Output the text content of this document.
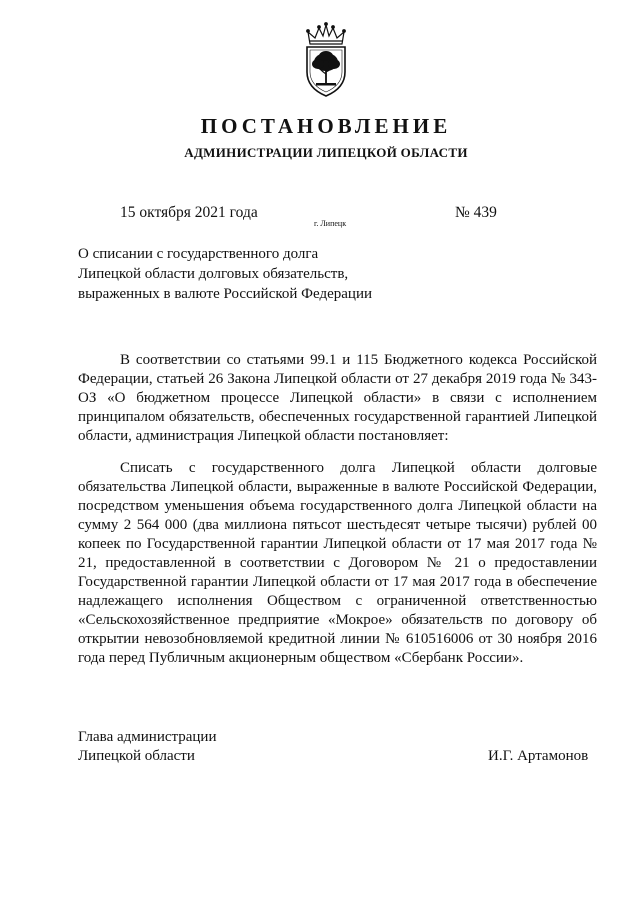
ПОСТАНОВЛЕНИЕ
АДМИНИСТРАЦИИ ЛИПЕЦКОЙ ОБЛАСТИ
15 октября 2021 года
г. Липецк
№ 439
О списании с государственного долга
Липецкой области долговых обязательств,
выраженных в валюте Российской Федерации

В соответствии со статьями 99.1 и 115 Бюджетного кодекса Российской Федерации, статьей 26 Закона Липецкой области от 27 декабря 2019 года № 343-ОЗ «О бюджетном процессе Липецкой области» в связи с исполнением принципалом обязательств, обеспеченных государственной гарантией Липецкой области, администрация Липецкой области постановляет:

Списать с государственного долга Липецкой области долговые обязательства Липецкой области, выраженные в валюте Российской Федерации, посредством уменьшения объема государственного долга Липецкой области на сумму 2 564 000 (два миллиона пятьсот шестьдесят четыре тысячи) рублей 00 копеек по Государственной гарантии Липецкой области от 17 мая 2017 года № 21, предоставленной в соответствии с Договором № 21 о предоставлении Государственной гарантии Липецкой области от 17 мая 2017 года в обеспечение надлежащего исполнения Обществом с ограниченной ответственностью «Сельскохозяйственное предприятие «Мокрое» обязательств по договору об открытии невозобновляемой кредитной линии № 610516006 от 30 ноября 2016 года перед Публичным акционерным обществом «Сбербанк России».

Глава администрации
Липецкой области	И.Г. Артамонов
